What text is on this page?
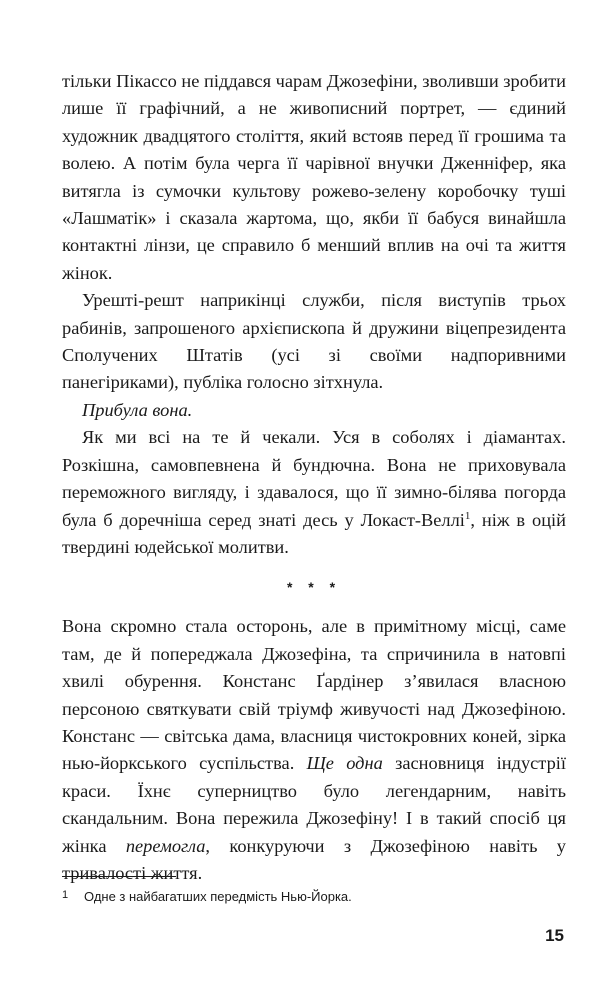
тільки Пікассо не піддався чарам Джозефіни, зволивши зробити лише її графічний, а не живописний портрет, — єдиний художник двадцятого століття, який встояв перед її грошима та волею. А потім була черга її чарівної внучки Дженніфер, яка витягла із сумочки культову рожево-зелену коробочку туші «Лашматік» і сказала жартома, що, якби її бабуся винайшла контактні лінзи, це справило б менший вплив на очі та життя жінок.

Урешті-решт наприкінці служби, після виступів трьох рабинів, запрошеного архієпископа й дружини віцепрезидента Сполучених Штатів (усі зі своїми надпоривними панегіриками), публіка голосно зітхнула.

Прибула вона.

Як ми всі на те й чекали. Уся в соболях і діамантах. Розкішна, самовпевнена й бундючна. Вона не приховувала переможного вигляду, і здавалося, що її зимно-білява погорда була б доречніша серед знаті десь у Локаст-Веллі$^1$, ніж в оцій твердині юдейської молитви.

* * *

Вона скромно стала осторонь, але в примітному місці, саме там, де й попереджала Джозефіна, та спричинила в натовпі хвилі обурення. Констанс Ґардінер з’явилася власною персоною святкувати свій тріумф живучості над Джозефіною. Констанс — світська дама, власниця чистокровних коней, зірка нью-йоркського суспільства. Ще одна засновниця індустрії краси. Їхнє суперництво було легендарним, навіть скандальним. Вона пережила Джозефіну! І в такий спосіб ця жінка перемогла, конкуруючи з Джозефіною навіть у тривалості життя.

1 Одне з найбагатших передмість Нью-Йорка.
15
